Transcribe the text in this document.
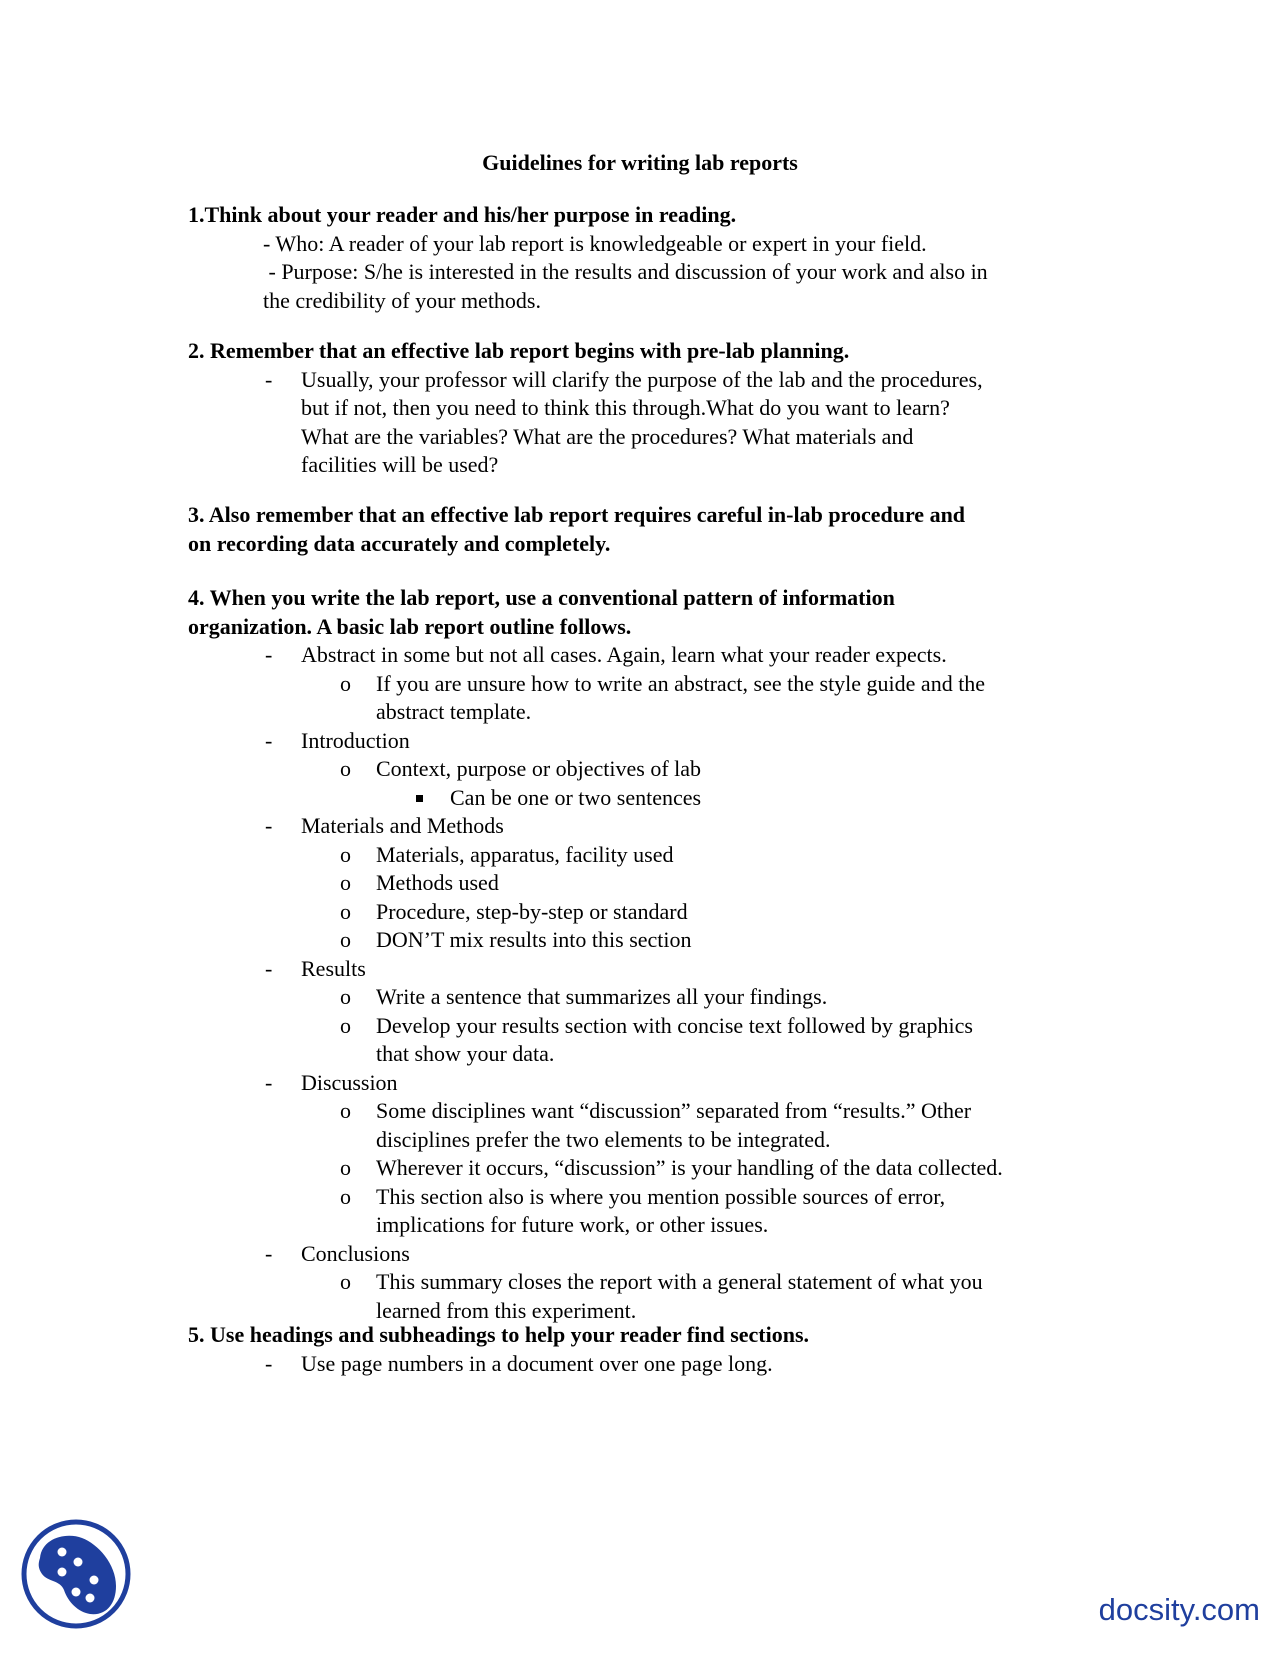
Guidelines for writing lab reports
1.Think about your reader and his/her purpose in reading.
- Who: A reader of your lab report is knowledgeable or expert in your field.
- Purpose: S/he is interested in the results and discussion of your work and also in
the credibility of your methods.
2. Remember that an effective lab report begins with pre-lab planning.
- Usually, your professor will clarify the purpose of the lab and the procedures,
but if not, then you need to think this through.What do you want to learn?
What are the variables? What are the procedures? What materials and
facilities will be used?
3. Also remember that an effective lab report requires careful in-lab procedure and
on recording data accurately and completely.
4. When you write the lab report, use a conventional pattern of information
organization. A basic lab report outline follows.
- Abstract in some but not all cases. Again, learn what your reader expects.
o If you are unsure how to write an abstract, see the style guide and the
abstract template.
- Introduction
o Context, purpose or objectives of lab
Can be one or two sentences
- Materials and Methods
o Materials, apparatus, facility used
o Methods used
o Procedure, step-by-step or standard
o DON’T mix results into this section
- Results
o Write a sentence that summarizes all your findings.
o Develop your results section with concise text followed by graphics
that show your data.
- Discussion
o Some disciplines want “discussion” separated from “results.” Other
disciplines prefer the two elements to be integrated.
o Wherever it occurs, “discussion” is your handling of the data collected.
o This section also is where you mention possible sources of error,
implications for future work, or other issues.
- Conclusions
o This summary closes the report with a general statement of what you
learned from this experiment.
5. Use headings and subheadings to help your reader find sections.
- Use page numbers in a document over one page long.
docsity.com
